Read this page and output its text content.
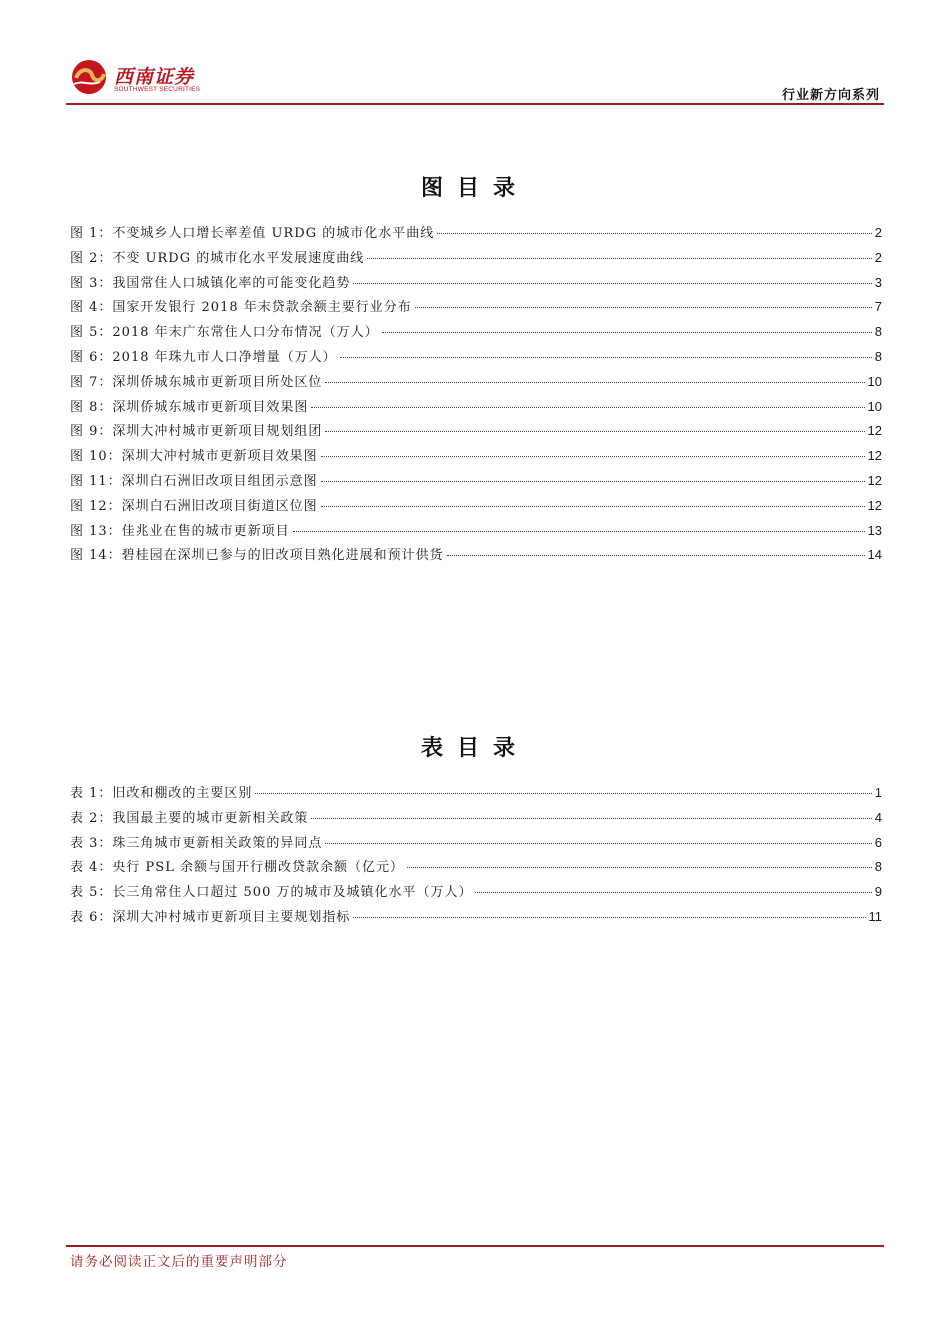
西南证券
SOUTHWEST SECURITIES	行业新方向系列
图目录
图 1：不变城乡人口增长率差值 URDG 的城市化水平曲线	2
图 2：不变 URDG 的城市化水平发展速度曲线	2
图 3：我国常住人口城镇化率的可能变化趋势	3
图 4：国家开发银行 2018 年末贷款余额主要行业分布	7
图 5：2018 年末广东常住人口分布情况（万人）	8
图 6：2018 年珠九市人口净增量（万人）	8
图 7：深圳侨城东城市更新项目所处区位	10
图 8：深圳侨城东城市更新项目效果图	10
图 9：深圳大冲村城市更新项目规划组团	12
图 10：深圳大冲村城市更新项目效果图	12
图 11：深圳白石洲旧改项目组团示意图	12
图 12：深圳白石洲旧改项目街道区位图	12
图 13：佳兆业在售的城市更新项目	13
图 14：碧桂园在深圳已参与的旧改项目熟化进展和预计供货	14
表目录
表 1：旧改和棚改的主要区别	1
表 2：我国最主要的城市更新相关政策	4
表 3：珠三角城市更新相关政策的异同点	6
表 4：央行 PSL 余额与国开行棚改贷款余额（亿元）	8
表 5：长三角常住人口超过 500 万的城市及城镇化水平（万人）	9
表 6：深圳大冲村城市更新项目主要规划指标	11
请务必阅读正文后的重要声明部分
